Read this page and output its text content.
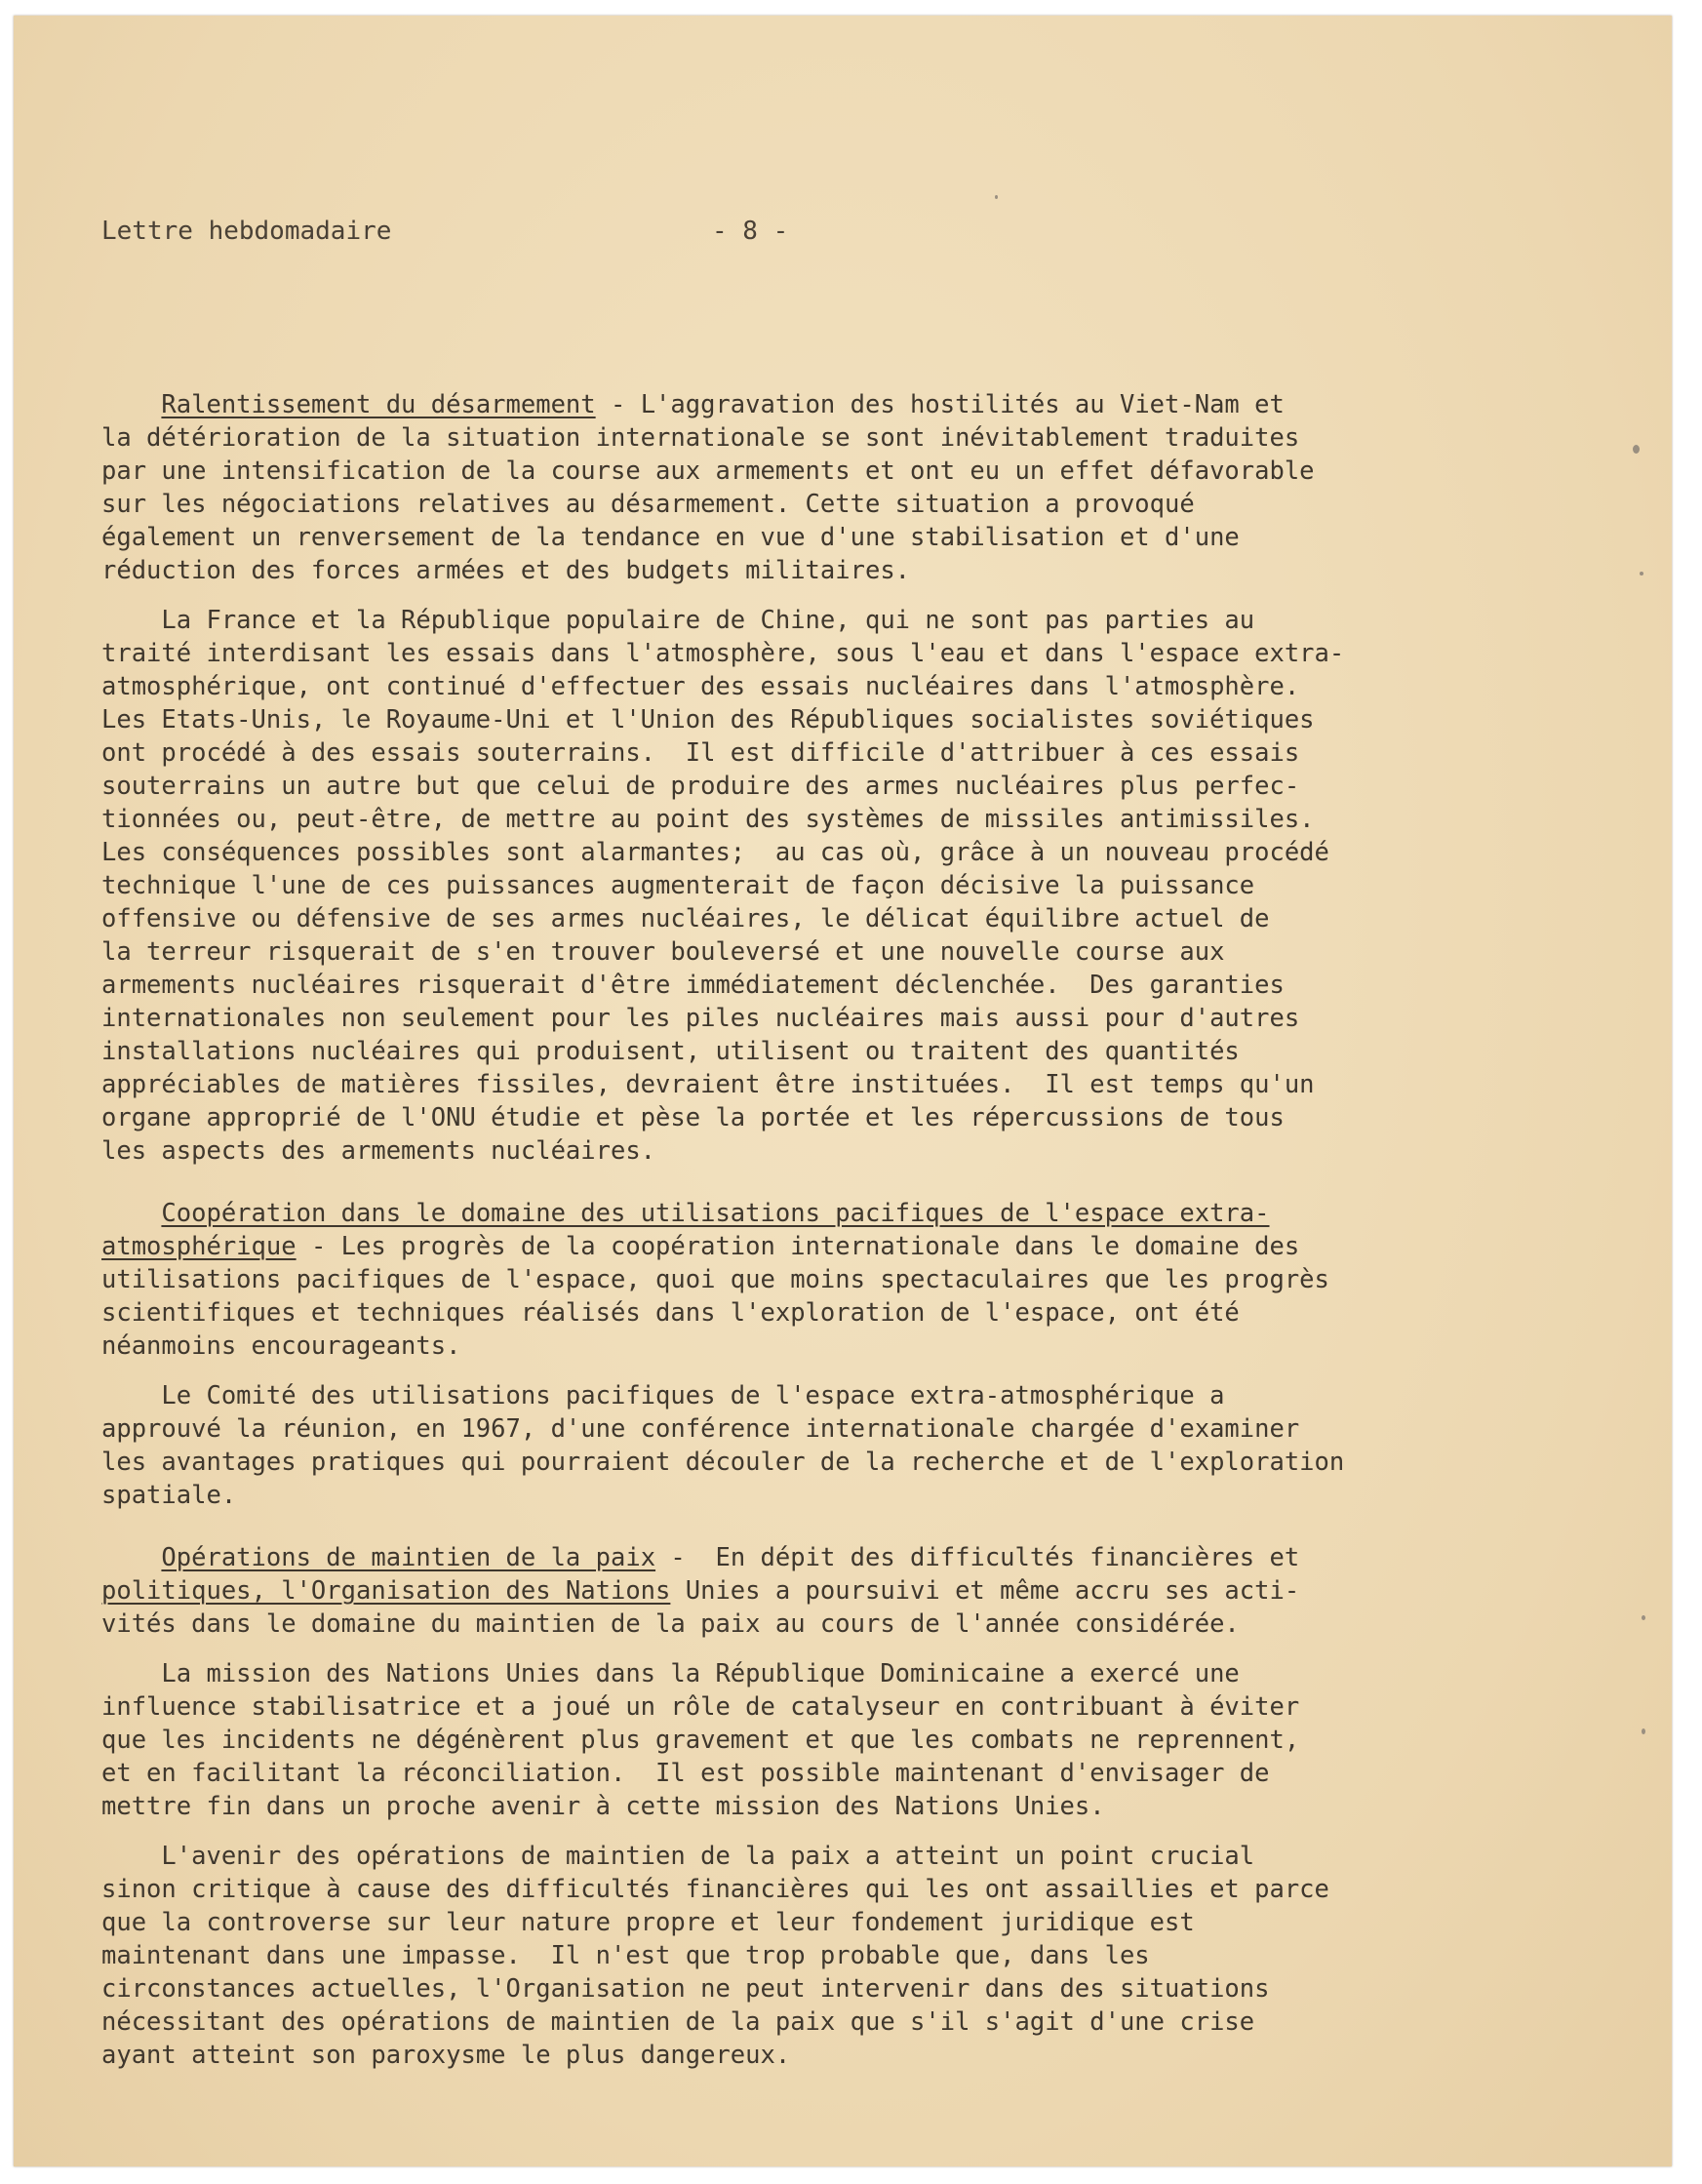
Lettre hebdomadaire	- 8 -
Ralentissement du désarmement - L'aggravation des hostilités au Viet-Nam et
la détérioration de la situation internationale se sont inévitablement traduites
par une intensification de la course aux armements et ont eu un effet défavorable
sur les négociations relatives au désarmement. Cette situation a provoqué
également un renversement de la tendance en vue d'une stabilisation et d'une
réduction des forces armées et des budgets militaires.
La France et la République populaire de Chine, qui ne sont pas parties au
traité interdisant les essais dans l'atmosphère, sous l'eau et dans l'espace extra-
atmosphérique, ont continué d'effectuer des essais nucléaires dans l'atmosphère.
Les Etats-Unis, le Royaume-Uni et l'Union des Républiques socialistes soviétiques
ont procédé à des essais souterrains.  Il est difficile d'attribuer à ces essais
souterrains un autre but que celui de produire des armes nucléaires plus perfec-
tionnées ou, peut-être, de mettre au point des systèmes de missiles antimissiles.
Les conséquences possibles sont alarmantes;  au cas où, grâce à un nouveau procédé
technique l'une de ces puissances augmenterait de façon décisive la puissance
offensive ou défensive de ses armes nucléaires, le délicat équilibre actuel de
la terreur risquerait de s'en trouver bouleversé et une nouvelle course aux
armements nucléaires risquerait d'être immédiatement déclenchée.  Des garanties
internationales non seulement pour les piles nucléaires mais aussi pour d'autres
installations nucléaires qui produisent, utilisent ou traitent des quantités
appréciables de matières fissiles, devraient être instituées.  Il est temps qu'un
organe approprié de l'ONU étudie et pèse la portée et les répercussions de tous
les aspects des armements nucléaires.
Coopération dans le domaine des utilisations pacifiques de l'espace extra-
atmosphérique - Les progrès de la coopération internationale dans le domaine des
utilisations pacifiques de l'espace, quoi que moins spectaculaires que les progrès
scientifiques et techniques réalisés dans l'exploration de l'espace, ont été
néanmoins encourageants.
Le Comité des utilisations pacifiques de l'espace extra-atmosphérique a
approuvé la réunion, en 1967, d'une conférence internationale chargée d'examiner
les avantages pratiques qui pourraient découler de la recherche et de l'exploration
spatiale.
Opérations de maintien de la paix -  En dépit des difficultés financières et
politiques, l'Organisation des Nations Unies a poursuivi et même accru ses acti-
vités dans le domaine du maintien de la paix au cours de l'année considérée.
La mission des Nations Unies dans la République Dominicaine a exercé une
influence stabilisatrice et a joué un rôle de catalyseur en contribuant à éviter
que les incidents ne dégénèrent plus gravement et que les combats ne reprennent,
et en facilitant la réconciliation.  Il est possible maintenant d'envisager de
mettre fin dans un proche avenir à cette mission des Nations Unies.
L'avenir des opérations de maintien de la paix a atteint un point crucial
sinon critique à cause des difficultés financières qui les ont assaillies et parce
que la controverse sur leur nature propre et leur fondement juridique est
maintenant dans une impasse.  Il n'est que trop probable que, dans les
circonstances actuelles, l'Organisation ne peut intervenir dans des situations
nécessitant des opérations de maintien de la paix que s'il s'agit d'une crise
ayant atteint son paroxysme le plus dangereux.
